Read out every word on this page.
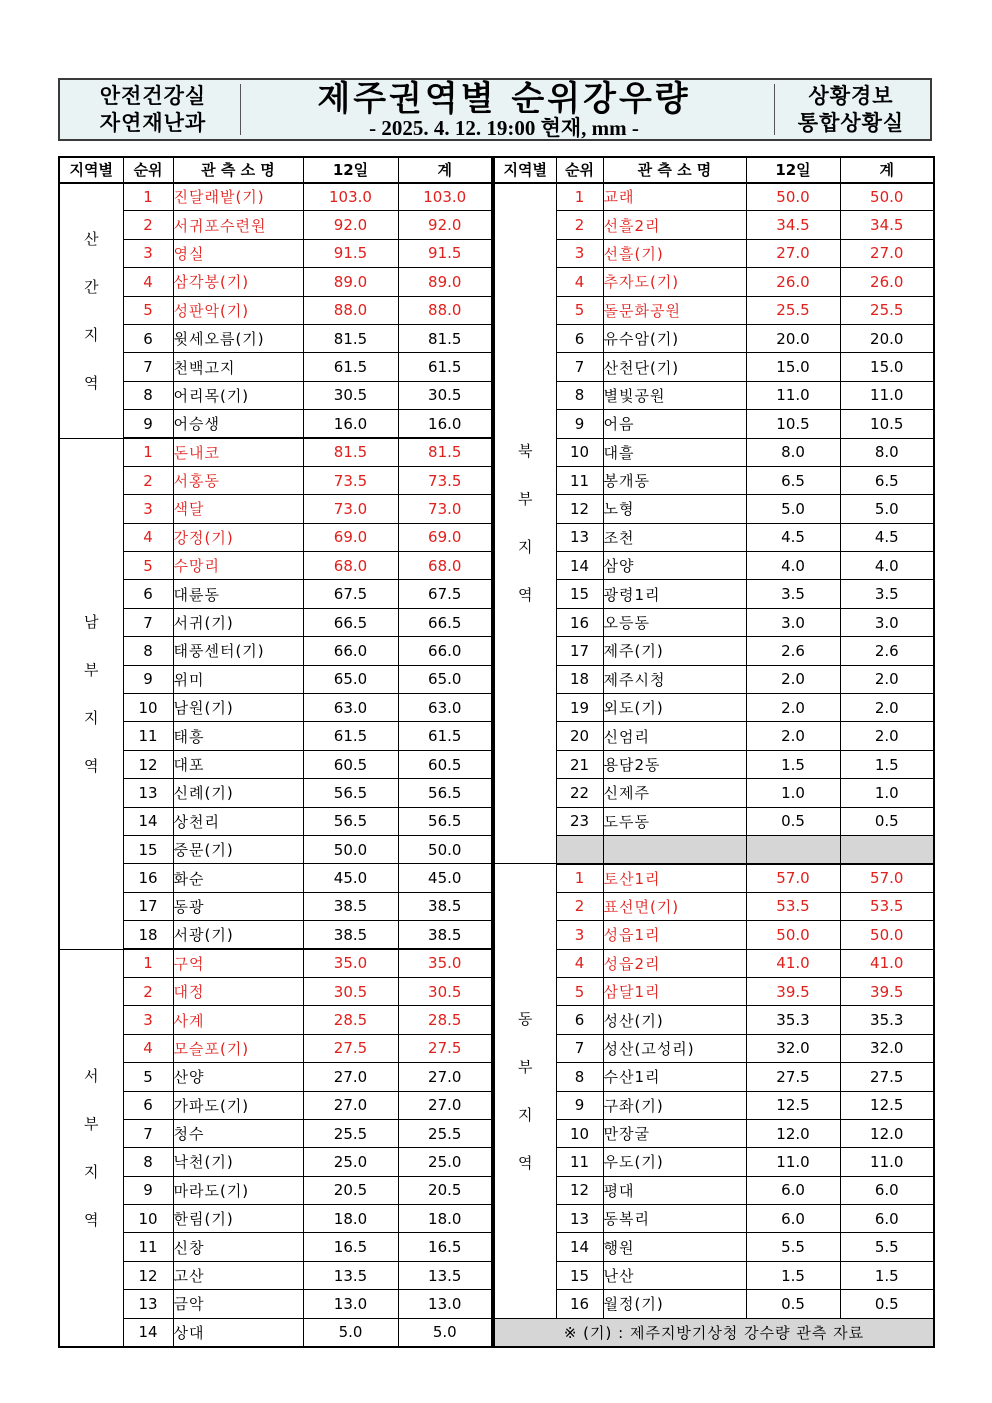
안전건강실
자연재난과
제주권역별 순위강우량
- 2025. 4. 12. 19:00 현재, mm -
상황경보
통합상황실
지역별	순위	관 측 소 명	12일	계

산간지역	1	진달래밭(기)	103.0	103.0
	2	서귀포수련원	92.0	92.0
	3	영실	91.5	91.5
	4	삼각봉(기)	89.0	89.0
	5	성판악(기)	88.0	88.0
	6	윗세오름(기)	81.5	81.5
	7	천백고지	61.5	61.5
	8	어리목(기)	30.5	30.5
	9	어승생	16.0	16.0

남부지역	1	돈내코	81.5	81.5
	2	서홍동	73.5	73.5
	3	색달	73.0	73.0
	4	강정(기)	69.0	69.0
	5	수망리	68.0	68.0
	6	대륜동	67.5	67.5
	7	서귀(기)	66.5	66.5
	8	태풍센터(기)	66.0	66.0
	9	위미	65.0	65.0
	10	남원(기)	63.0	63.0
	11	태흥	61.5	61.5
	12	대포	60.5	60.5
	13	신례(기)	56.5	56.5
	14	상천리	56.5	56.5
	15	중문(기)	50.0	50.0
	16	화순	45.0	45.0
	17	동광	38.5	38.5
	18	서광(기)	38.5	38.5

서부지역	1	구억	35.0	35.0
	2	대정	30.5	30.5
	3	사계	28.5	28.5
	4	모슬포(기)	27.5	27.5
	5	산양	27.0	27.0
	6	가파도(기)	27.0	27.0
	7	청수	25.5	25.5
	8	낙천(기)	25.0	25.0
	9	마라도(기)	20.5	20.5
	10	한림(기)	18.0	18.0
	11	신창	16.5	16.5
	12	고산	13.5	13.5
	13	금악	13.0	13.0
	14	상대	5.0	5.0
지역별	순위	관 측 소 명	12일	계

북부지역	1	교래	50.0	50.0
	2	선흘2리	34.5	34.5
	3	선흘(기)	27.0	27.0
	4	추자도(기)	26.0	26.0
	5	돌문화공원	25.5	25.5
	6	유수암(기)	20.0	20.0
	7	산천단(기)	15.0	15.0
	8	별빛공원	11.0	11.0
	9	어음	10.5	10.5
	10	대흘	8.0	8.0
	11	봉개동	6.5	6.5
	12	노형	5.0	5.0
	13	조천	4.5	4.5
	14	삼양	4.0	4.0
	15	광령1리	3.5	3.5
	16	오등동	3.0	3.0
	17	제주(기)	2.6	2.6
	18	제주시청	2.0	2.0
	19	외도(기)	2.0	2.0
	20	신엄리	2.0	2.0
	21	용담2동	1.5	1.5
	22	신제주	1.0	1.0
	23	도두동	0.5	0.5

동부지역	1	토산1리	57.0	57.0
	2	표선면(기)	53.5	53.5
	3	성읍1리	50.0	50.0
	4	성읍2리	41.0	41.0
	5	삼달1리	39.5	39.5
	6	성산(기)	35.3	35.3
	7	성산(고성리)	32.0	32.0
	8	수산1리	27.5	27.5
	9	구좌(기)	12.5	12.5
	10	만장굴	12.0	12.0
	11	우도(기)	11.0	11.0
	12	평대	6.0	6.0
	13	동복리	6.0	6.0
	14	행원	5.5	5.5
	15	난산	1.5	1.5
	16	월정(기)	0.5	0.5
※ (기) : 제주지방기상청 강수량 관측 자료				
